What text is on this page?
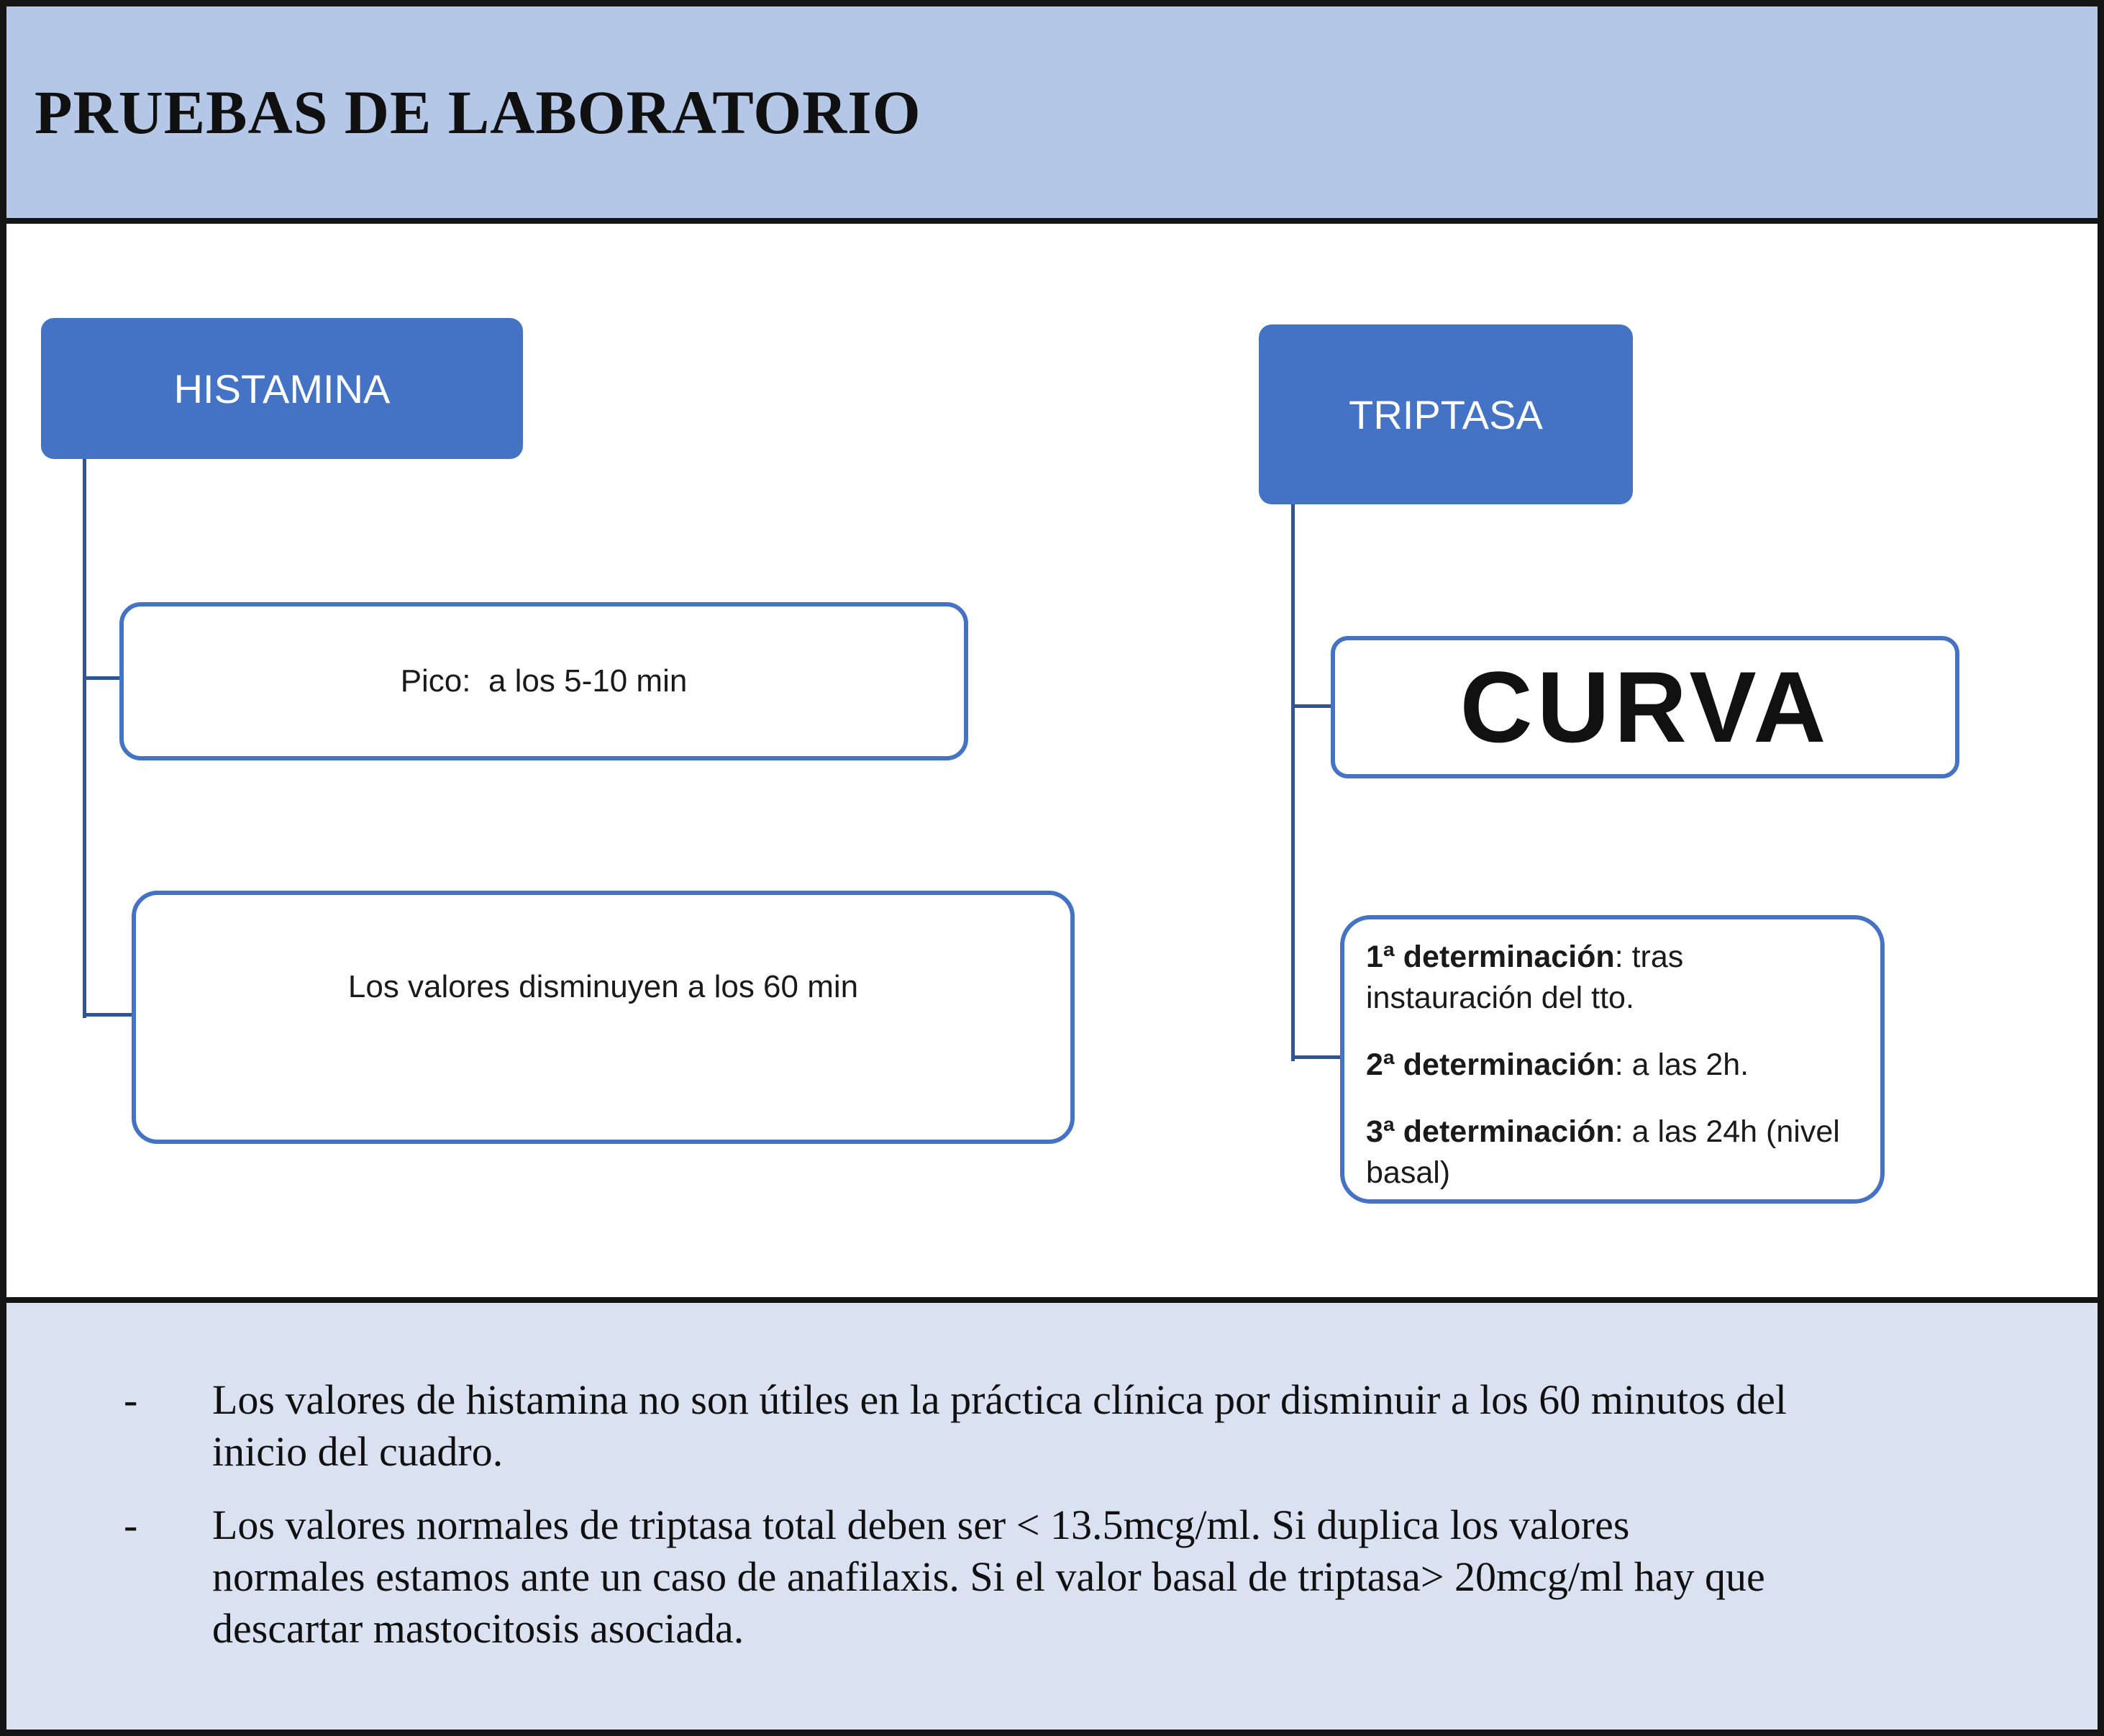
PRUEBAS DE LABORATORIO
HISTAMINA
Pico:  a los 5-10 min
Los valores disminuyen a los 60 min
TRIPTASA
CURVA

1ª determinación: tras instauración del tto.

2ª determinación: a las 2h.

3ª determinación: a las 24h (nivel basal)

- Los valores de histamina no son útiles en la práctica clínica por disminuir a los 60 minutos del
inicio del cuadro.
- Los valores normales de triptasa total deben ser < 13.5mcg/ml. Si duplica los valores
normales estamos ante un caso de anafilaxis. Si el valor basal de triptasa> 20mcg/ml hay que
descartar mastocitosis asociada.
